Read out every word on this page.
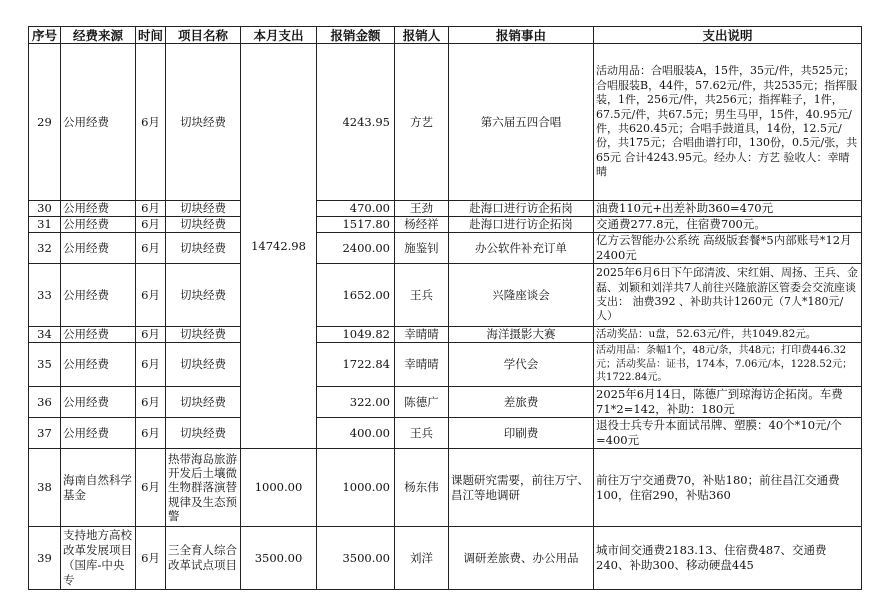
序号	经费来源	时间	项目名称	本月支出	报销金额	报销人	报销事由	支出说明
29	公用经费	6月	切块经费	14742.98	4243.95	方艺	第六届五四合唱	活动用品：合唱服装A，15件，35元/件，共525元；合唱服装B，44件，57.62元/件，共2535元；指挥服装，1件，256元/件，共256元；指挥鞋子，1件，67.5元/件，共67.5元；男生马甲，15件，40.95元/件，共620.45元；合唱手鼓道具，14份，12.5元/份，共175元；合唱曲谱打印，130份，0.5元/张，共65元 合计4243.95元。经办人：方艺 验收人：幸晴晴
30	公用经费	6月	切块经费		470.00	王劲	赴海口进行访企拓岗	油费110元+出差补助360=470元
31	公用经费	6月	切块经费		1517.80	杨经祥	赴海口进行访企拓岗	交通费277.8元，住宿费700元。
32	公用经费	6月	切块经费		2400.00	施鉴钊	办公软件补充订单	亿方云智能办公系统 高级版套餐*5内部账号*12月 2400元
33	公用经费	6月	切块经费		1652.00	王兵	兴隆座谈会	2025年6月6日下午邱清波、宋红娟、周扬、王兵、金磊、刘颖和刘洋共7人前往兴隆旅游区管委会交流座谈支出： 油费392 、补助共计1260元（7人*180元/人）
34	公用经费	6月	切块经费		1049.82	幸晴晴	海洋摄影大赛	活动奖品：u盘，52.63元/件，共1049.82元。
35	公用经费	6月	切块经费		1722.84	幸晴晴	学代会	活动用品：条幅1个，48元/条，共48元；打印费446.32元；活动奖品：证书，174本，7.06元/本，1228.52元；共1722.84元。
36	公用经费	6月	切块经费		322.00	陈德广	差旅费	2025年6月14日，陈德广到琼海访企拓岗。车费71*2=142，补助：180元
37	公用经费	6月	切块经费		400.00	王兵	印刷费	退役士兵专升本面试吊牌、塑膜：40个*10元/个=400元
38	海南自然科学基金	6月	热带海岛旅游开发后土壤微生物群落演替规律及生态预警	1000.00	1000.00	杨东伟	课题研究需要，前往万宁、昌江等地调研	前往万宁交通费70，补贴180；前往昌江交通费100，住宿290，补贴360
39	支持地方高校改革发展项目（国库-中央专	6月	三全育人综合改革试点项目	3500.00	3500.00	刘洋	调研差旅费、办公用品	城市间交通费2183.13、住宿费487、交通费240、补助300、移动硬盘445
